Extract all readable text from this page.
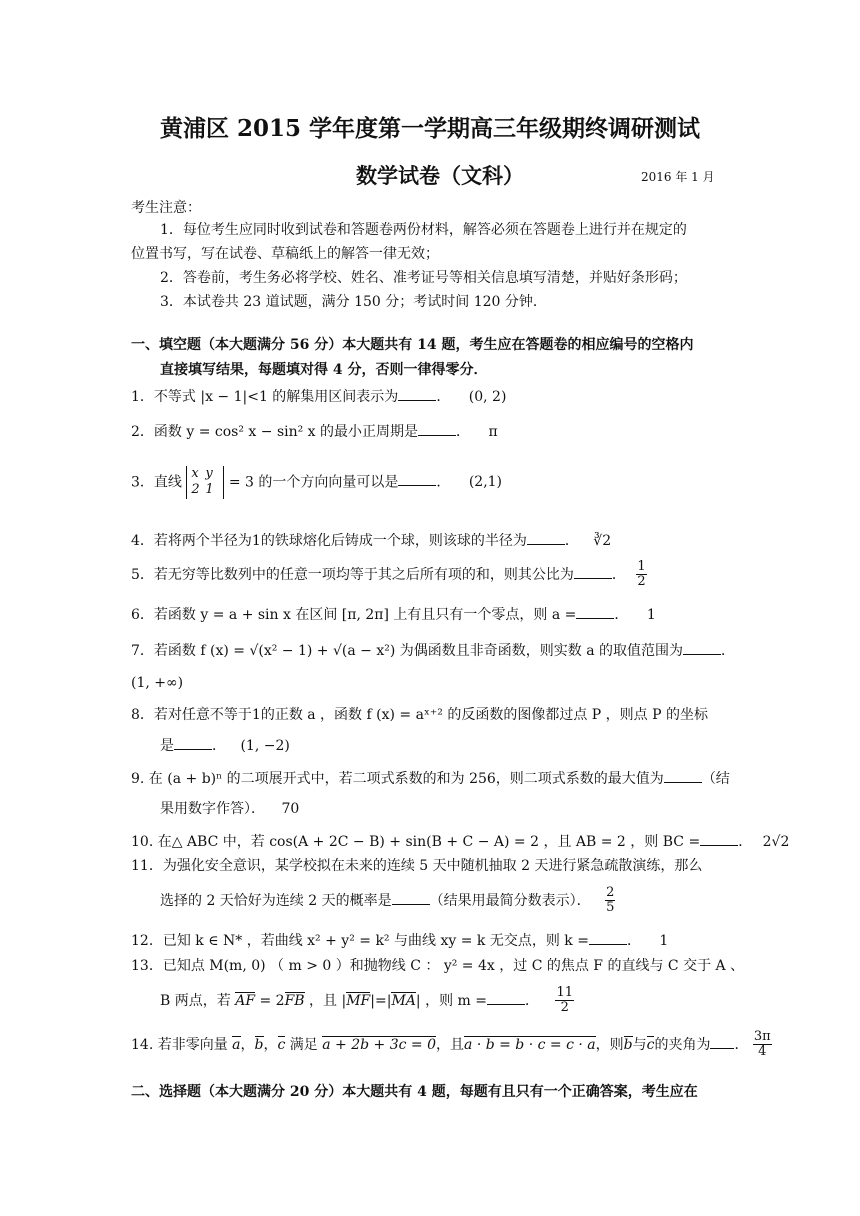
黄浦区 2015 学年度第一学期高三年级期终调研测试
数学试卷（文科）	2016 年 1 月
考生注意：
1．每位考生应同时收到试卷和答题卷两份材料，解答必须在答题卷上进行并在规定的
位置书写，写在试卷、草稿纸上的解答一律无效；
2．答卷前，考生务必将学校、姓名、准考证号等相关信息填写清楚，并贴好条形码；
3．本试卷共 23 道试题，满分 150 分；考试时间 120 分钟．
一、填空题（本大题满分 56 分）本大题共有 14 题，考生应在答题卷的相应编号的空格内
直接填写结果，每题填对得 4 分，否则一律得零分．
1．不等式 |x − 1|<1 的解集用区间表示为	． (0, 2)
2．函数 y = cos² x − sin² x 的最小正周期是	． π
3．直线 x y
2 1 = 3 的一个方向向量可以是	． (2,1)
4．若将两个半径为1的铁球熔化后铸成一个球，则该球的半径为	． ∛2
5．若无穷等比数列中的任意一项均等于其之后所有项的和，则其公比为	． $\frac{1}{2}$
6．若函数 y = a + sin x 在区间 [π, 2π] 上有且只有一个零点，则 a =	． 1
7．若函数 f (x) = √(x² − 1) + √(a − x²) 为偶函数且非奇函数，则实数 a 的取值范围为	．
(1, +∞)
8．若对任意不等于1的正数 a ，函数 f (x) = aˣ⁺² 的反函数的图像都过点 P ，则点 P 的坐标
是	． (1, −2)
9. 在 (a + b)ⁿ 的二项展开式中，若二项式系数的和为 256，则二项式系数的最大值为	（结
果用数字作答）． 70
10. 在△ ABC 中，若 cos(A + 2C − B) + sin(B + C − A) = 2 ，且 AB = 2 ，则 BC =	． 2√2
11．为强化安全意识，某学校拟在未来的连续 5 天中随机抽取 2 天进行紧急疏散演练，那么
选择的 2 天恰好为连续 2 天的概率是	（结果用最简分数表示）． $\frac{2}{5}$
12．已知 k ∈ N* ，若曲线 x² + y² = k² 与曲线 xy = k 无交点，则 k =	． 1
13．已知点 M(m, 0) （ m > 0 ）和抛物线 C ： y² = 4x ，过 C 的焦点 F 的直线与 C 交于 A 、
B 两点，若 AF = 2FB ，且 |MF|=|MA| ，则 m =	． $\frac{11}{2}$
14. 若非零向量 a，b，c 满足 a + 2b + 3c = 0，且a · b = b · c = c · a，则b与c的夹角为 ． $\frac{3\pi}{4}$
二、选择题（本大题满分 20 分）本大题共有 4 题，每题有且只有一个正确答案，考生应在
